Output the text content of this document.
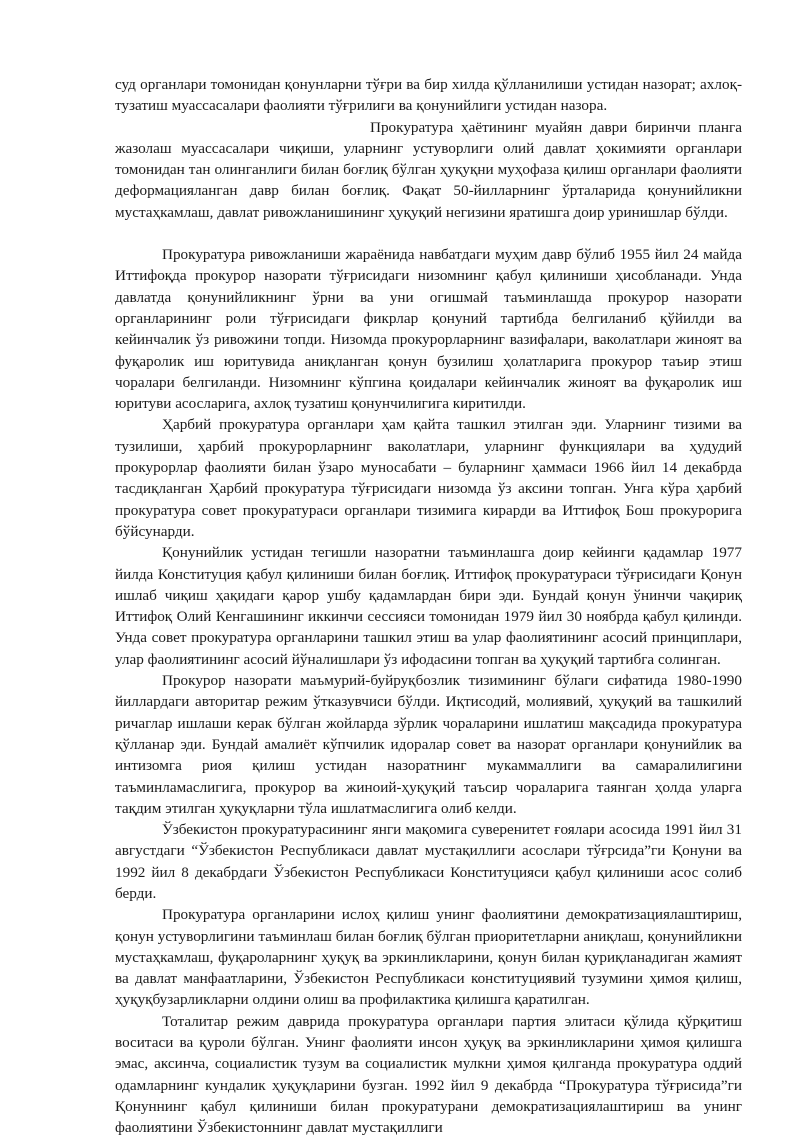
суд органлари томонидан қонунларни тўғри ва бир хилда қўлланилиши устидан назорат; ахлоқ-тузатиш муассасалари фаолияти тўғрилиги ва қонунийлиги устидан назора.

Прокуратура ҳаётининг муайян даври биринчи планга жазолаш муассасалари чиқиши, уларнинг устуворлиги олий давлат ҳокимияти органлари томонидан тан олинганлиги билан боғлиқ бўлган ҳуқуқни муҳофаза қилиш органлари фаолияти деформацияланган давр билан боғлиқ. Фақат 50-йилларнинг ўрталарида қонунийликни мустаҳкамлаш, давлат ривожланишининг ҳуқуқий негизини яратишга доир уринишлар бўлди.

Прокуратура ривожланиши жараёнида навбатдаги муҳим давр бўлиб 1955 йил 24 майда Иттифоқда прокурор назорати тўғрисидаги низомнинг қабул қилиниши ҳисобланади. Унда давлатда қонунийликнинг ўрни ва уни огишмай таъминлашда прокурор назорати органларининг роли тўғрисидаги фикрлар қонуний тартибда белгиланиб қўйилди ва кейинчалик ўз ривожини топди. Низомда прокурорларнинг вазифалари, ваколатлари жиноят ва фуқаролик иш юритувида аниқланган қонун бузилиш ҳолатларига прокурор таъир этиш чоралари белгиланди. Низомнинг кўпгина қоидалари кейинчалик жиноят ва фуқаролик иш юритуви асосларига, ахлоқ тузатиш қонунчилигига киритилди.

Ҳарбий прокуратура органлари ҳам қайта ташкил этилган эди. Уларнинг тизими ва тузилиши, ҳарбий прокурорларнинг ваколатлари, уларнинг функциялари ва ҳудудий прокурорлар фаолияти билан ўзаро муносабати – буларнинг ҳаммаси 1966 йил 14 декабрда тасдиқланган Ҳарбий прокуратура тўғрисидаги низомда ўз аксини топган. Унга кўра ҳарбий прокуратура совет прокуратураси органлари тизимига кирарди ва Иттифоқ Бош прокурорига бўйсунарди.

Қонунийлик устидан тегишли назоратни таъминлашга доир кейинги қадамлар 1977 йилда Конституция қабул қилиниши билан боғлиқ. Иттифоқ прокуратураси тўғрисидаги Қонун ишлаб чиқиш ҳақидаги қарор ушбу қадамлардан бири эди. Бундай қонун ўнинчи чақириқ Иттифоқ Олий Кенгашининг иккинчи сессияси томонидан 1979 йил 30 ноябрда қабул қилинди. Унда совет прокуратура органларини ташкил этиш ва улар фаолиятининг асосий принциплари, улар фаолиятининг асосий йўналишлари ўз ифодасини топган ва ҳуқуқий тартибга солинган.

Прокурор назорати маъмурий-буйруқбозлик тизимининг бўлаги сифатида 1980-1990 йиллардаги авторитар режим ўтказувчиси бўлди. Иқтисодий, молиявий, ҳуқуқий ва ташкилий ричаглар ишлаши керак бўлган жойларда зўрлик чораларини ишлатиш мақсадида прокуратура қўлланар эди. Бундай амалиёт кўпчилик идоралар совет ва назорат органлари қонунийлик ва интизомга риоя қилиш устидан назоратнинг мукаммаллиги ва самаралилигини таъминламаслигига, прокурор ва жиноий-ҳуқуқий таъсир чораларига таянган ҳолда уларга тақдим этилган ҳуқуқларни тўла ишлатмаслигига олиб келди.

Ўзбекистон прокуратурасининг янги мақомига суверенитет ғоялари асосида 1991 йил 31 августдаги “Ўзбекистон Республикаси давлат мустақиллиги асослари тўғрсида”ги Қонуни ва 1992 йил 8 декабрдаги Ўзбекистон Республикаси Конституцияси қабул қилиниши асос солиб берди.

Прокуратура органларини ислоҳ қилиш унинг фаолиятини демократизациялаштириш, қонун устуворлигини таъминлаш билан боғлиқ бўлган приоритетларни аниқлаш, қонунийликни мустаҳкамлаш, фуқароларнинг ҳуқуқ ва эркинликларини, қонун билан қуриқланадиган жамият ва давлат манфаатларини, Ўзбекистон Республикаси конституциявий тузумини ҳимоя қилиш, ҳуқуқбузарликларни олдини олиш ва профилактика қилишга қаратилган.

Тоталитар режим даврида прокуратура органлари партия элитаси қўлида қўрқитиш воситаси ва қуроли бўлган. Унинг фаолияти инсон ҳуқуқ ва эркинликларини ҳимоя қилишга эмас, аксинча, социалистик тузум ва социалистик мулкни ҳимоя қилганда прокуратура оддий одамларнинг кундалик ҳуқуқларини бузган. 1992 йил 9 декабрда “Прокуратура тўғрисида”ги Қонуннинг қабул қилиниши билан прокуратурани демократизациялаштириш ва унинг фаолиятини Ўзбекистоннинг давлат мустақиллиги
